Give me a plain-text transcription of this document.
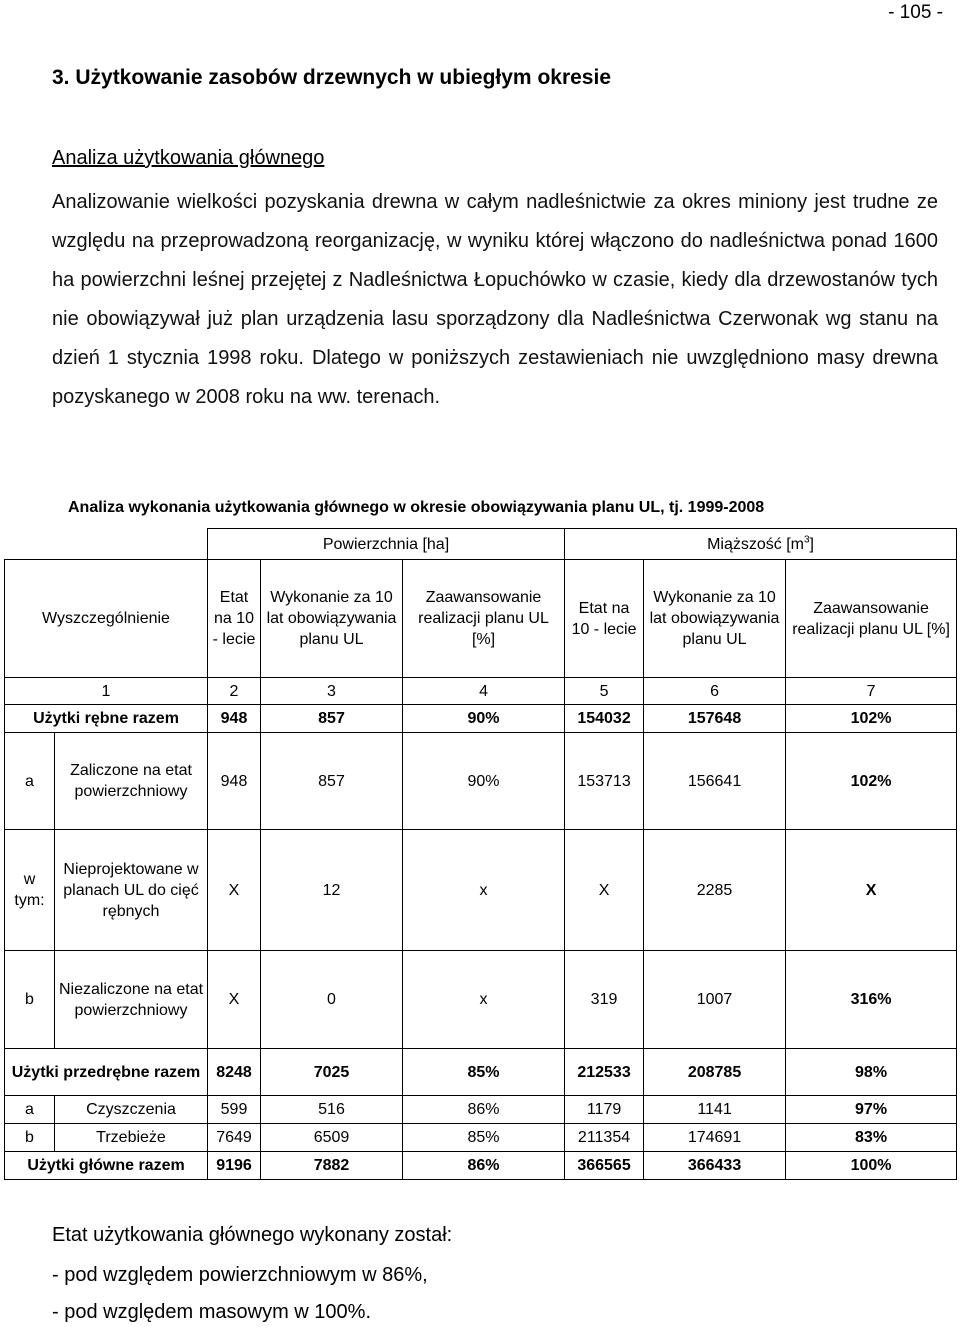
- 105 -
3. Użytkowanie zasobów drzewnych w ubiegłym okresie
Analiza użytkowania głównego

Analizowanie wielkości pozyskania drewna w całym nadleśnictwie za okres miniony jest trudne ze względu na przeprowadzoną reorganizację, w wyniku której włączono do nadleśnictwa ponad 1600 ha powierzchni leśnej przejętej z Nadleśnictwa Łopuchówko w czasie, kiedy dla drzewostanów tych nie obowiązywał już plan urządzenia lasu sporządzony dla Nadleśnictwa Czerwonak wg stanu na dzień 1 stycznia 1998 roku. Dlatego w poniższych zestawieniach nie uwzględniono masy drewna pozyskanego w 2008 roku na ww. terenach.

Analiza wykonania użytkowania głównego w okresie obowiązywania planu UL, tj. 1999-2008
		Powierzchnia [ha]			Miąższość $[m^3]$		
Wyszczególnienie		Etat na 10 - lecie	Wykonanie za 10 lat obowiązywania planu UL	Zaawansowanie realizacji planu UL [%]	Etat na 10 - lecie	Wykonanie za 10 lat obowiązywania planu UL	Zaawansowanie realizacji planu UL [%]
1		2	3	4	5	6	7
Użytki rębne razem		948	857	90%	154032	157648	102%
a	Zaliczone na etat powierzchniowy	948	857	90%	153713	156641	102%
w tym:	Nieprojektowane w planach UL do cięć rębnych	X	12	x	X	2285	X
b	Niezaliczone na etat powierzchniowy	X	0	x	319	1007	316%
Użytki przedrębne razem		8248	7025	85%	212533	208785	98%
a	Czyszczenia	599	516	86%	1179	1141	97%
b	Trzebieże	7649	6509	85%	211354	174691	83%
Użytki główne razem		9196	7882	86%	366565	366433	100%

Etat użytkowania głównego wykonany został:

- pod względem powierzchniowym w 86%,

- pod względem masowym w 100%.
